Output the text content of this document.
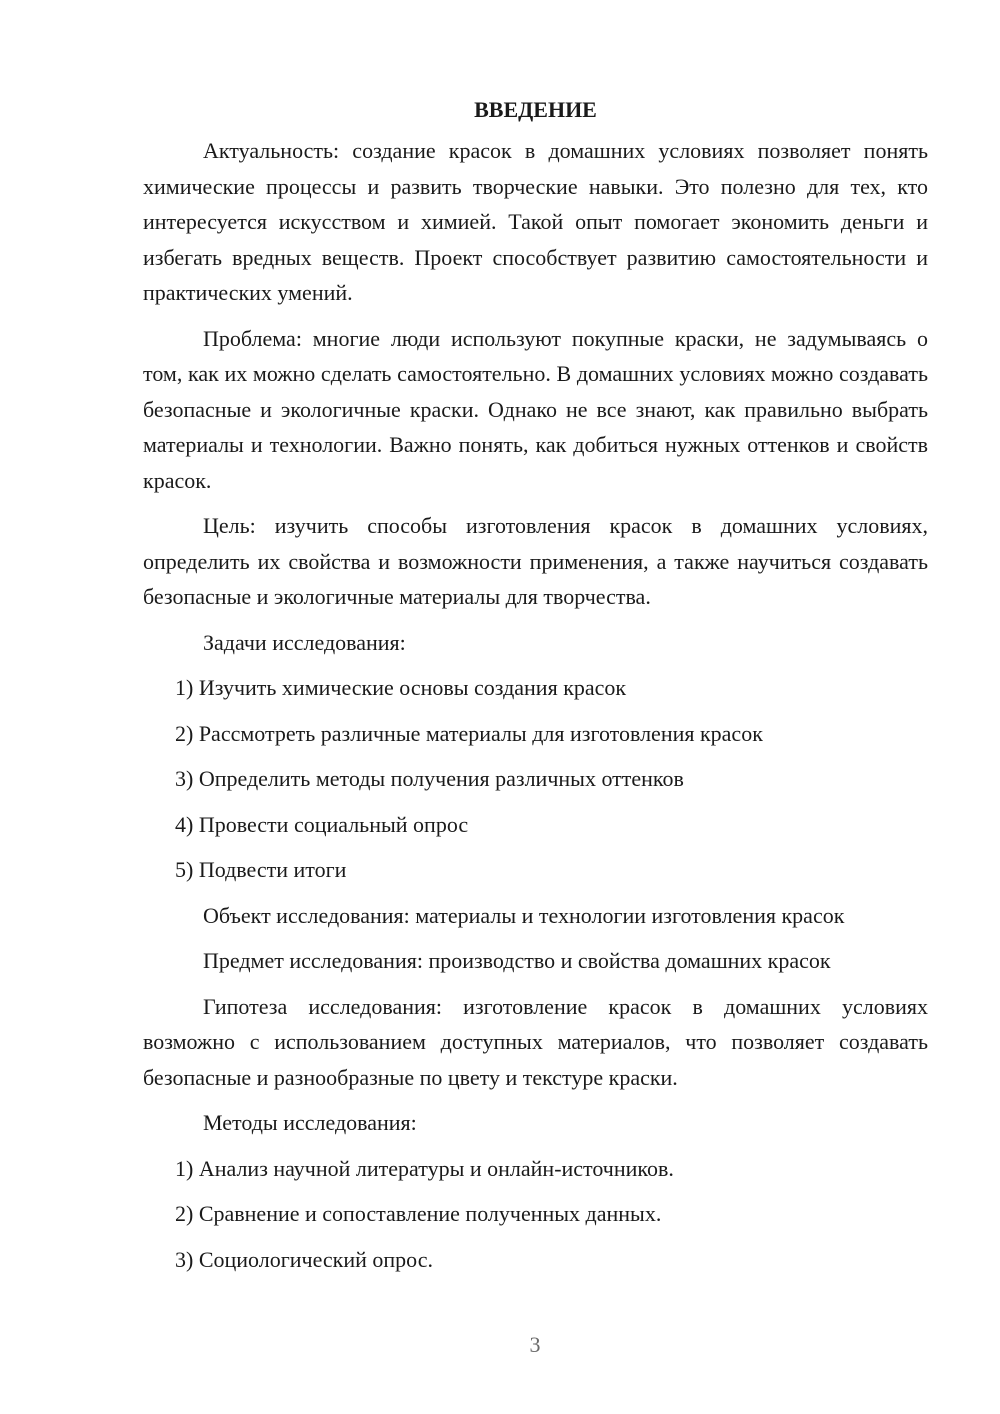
ВВЕДЕНИЕ

Актуальность: создание красок в домашних условиях позволяет понять химические процессы и развить творческие навыки. Это полезно для тех, кто интересуется искусством и химией. Такой опыт помогает экономить деньги и избегать вредных веществ. Проект способствует развитию самостоятельности и практических умений.

Проблема: многие люди используют покупные краски, не задумываясь о том, как их можно сделать самостоятельно. В домашних условиях можно создавать безопасные и экологичные краски. Однако не все знают, как правильно выбрать материалы и технологии. Важно понять, как добиться нужных оттенков и свойств красок.

Цель: изучить способы изготовления красок в домашних условиях, определить их свойства и возможности применения, а также научиться создавать безопасные и экологичные материалы для творчества.

Задачи исследования:

1) Изучить химические основы создания красок
2) Рассмотреть различные материалы для изготовления красок
3) Определить методы получения различных оттенков
4) Провести социальный опрос
5) Подвести итоги

Объект исследования: материалы и технологии изготовления красок

Предмет исследования: производство и свойства домашних красок

Гипотеза исследования: изготовление красок в домашних условиях возможно с использованием доступных материалов, что позволяет создавать безопасные и разнообразные по цвету и текстуре краски.

Методы исследования:

1) Анализ научной литературы и онлайн-источников.
2) Сравнение и сопоставление полученных данных.
3) Социологический опрос.
3
